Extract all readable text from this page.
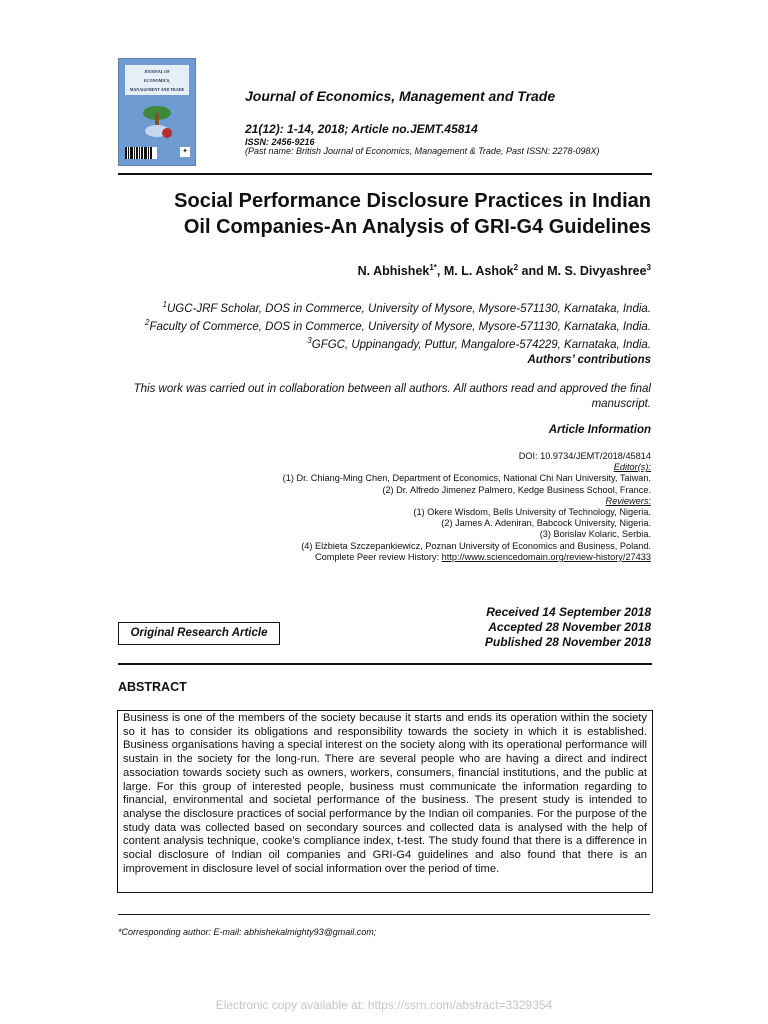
JOURNAL OF
ECONOMICS,
MANAGEMENT AND TRADE
✦
Journal of Economics, Management and Trade
21(12): 1-14, 2018; Article no.JEMT.45814
ISSN: 2456-9216
(Past name: British Journal of Economics, Management & Trade, Past ISSN: 2278-098X)
Social Performance Disclosure Practices in Indian
Oil Companies-An Analysis of GRI-G4 Guidelines
N. Abhishek$^{1*}$, M. L. Ashok$^2$ and M. S. Divyashree$^3$
$^1$UGC-JRF Scholar, DOS in Commerce, University of Mysore, Mysore-571130, Karnataka, India.
$^2$Faculty of Commerce, DOS in Commerce, University of Mysore, Mysore-571130, Karnataka, India.
$^3$GFGC, Uppinangady, Puttur, Mangalore-574229, Karnataka, India.
Authors’ contributions
This work was carried out in collaboration between all authors. All authors read and approved the final manuscript.
Article Information
DOI: 10.9734/JEMT/2018/45814
Editor(s):
(1) Dr. Chiang-Ming Chen, Department of Economics, National Chi Nan University, Taiwan.
(2) Dr. Alfredo Jimenez Palmero, Kedge Business School, France.
Reviewers:
(1) Okere Wisdom, Bells University of Technology, Nigeria.
(2) James A. Adeniran, Babcock University, Nigeria.
(3) Borislav Kolaric, Serbia.
(4) Elżbieta Szczepankiewicz, Poznan University of Economics and Business, Poland.
Complete Peer review History: http://www.sciencedomain.org/review-history/27433
Received 14 September 2018
Accepted 28 November 2018
Published 28 November 2018
Original Research Article
ABSTRACT
Business is one of the members of the society because it starts and ends its operation within the society so it has to consider its obligations and responsibility towards the society in which it is established. Business organisations having a special interest on the society along with its operational performance will sustain in the society for the long-run. There are several people who are having a direct and indirect association towards society such as owners, workers, consumers, financial institutions, and the public at large. For this group of interested people, business must communicate the information regarding to financial, environmental and societal performance of the business. The present study is intended to analyse the disclosure practices of social performance by the Indian oil companies. For the purpose of the study data was collected based on secondary sources and collected data is analysed with the help of content analysis technique, cooke’s compliance index, t-test. The study found that there is a difference in social disclosure of Indian oil companies and GRI-G4 guidelines and also found that there is an improvement in disclosure level of social information over the period of time.
*Corresponding author: E-mail: abhishekalmighty93@gmail.com;
Electronic copy available at: https://ssrn.com/abstract=3329354
